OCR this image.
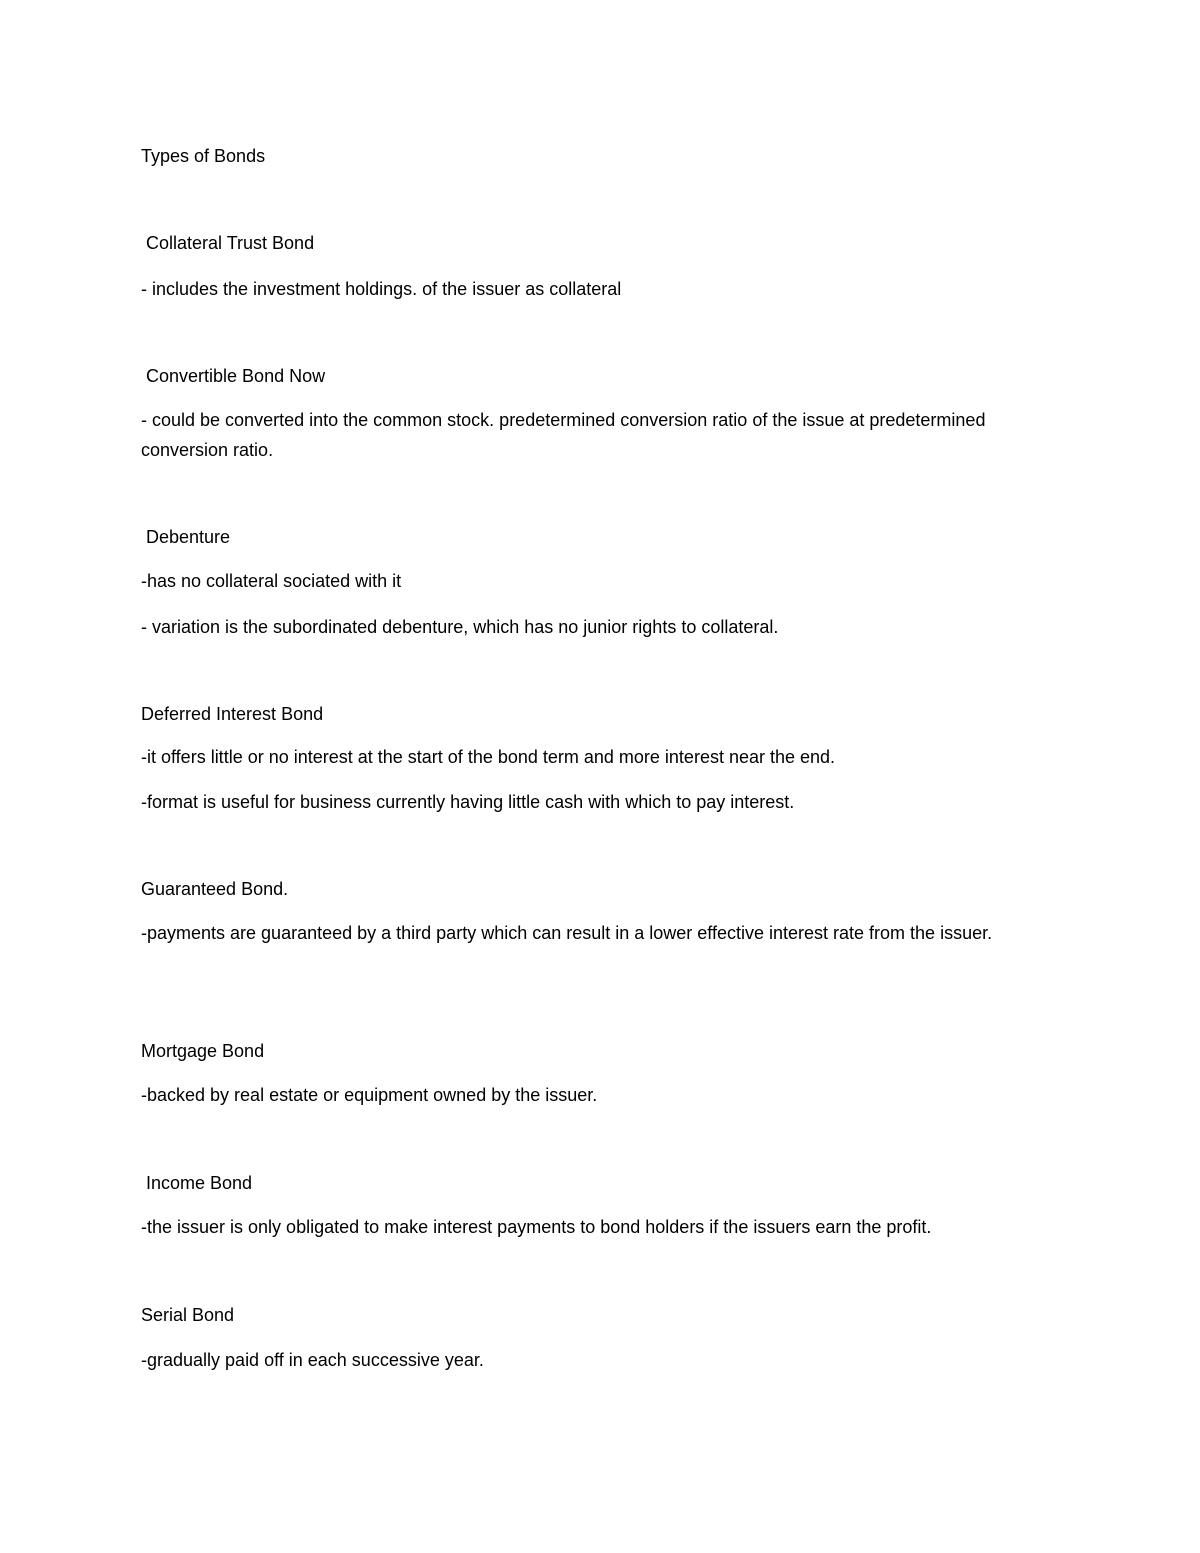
Types of Bonds
Collateral Trust Bond
- includes the investment holdings. of the issuer as collateral
Convertible Bond Now
- could be converted into the common stock. predetermined conversion ratio of the issue at predetermined conversion ratio.
Debenture
-has no collateral sociated with it
- variation is the subordinated debenture, which has no junior rights to collateral.
Deferred Interest Bond
-it offers little or no interest at the start of the bond term and more interest near the end.
-format is useful for business currently having little cash with which to pay interest.
Guaranteed Bond.
-payments are guaranteed by a third party which can result in a lower effective interest rate from the issuer.
Mortgage Bond
-backed by real estate or equipment owned by the issuer.
Income Bond
-the issuer is only obligated to make interest payments to bond holders if the issuers earn the profit.
Serial Bond
-gradually paid off in each successive year.
